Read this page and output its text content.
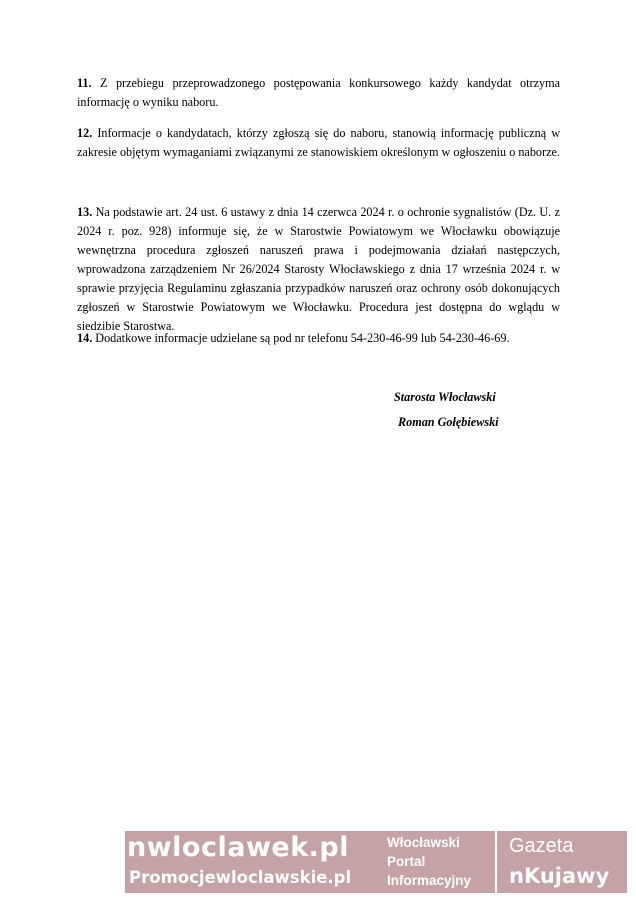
11. Z przebiegu przeprowadzonego postępowania konkursowego każdy kandydat otrzyma informację o wyniku naboru.

12. Informacje o kandydatach, którzy zgłoszą się do naboru, stanowią informację publiczną w zakresie objętym wymaganiami związanymi ze stanowiskiem określonym w ogłoszeniu o naborze.

13. Na podstawie art. 24 ust. 6 ustawy z dnia 14 czerwca 2024 r. o ochronie sygnalistów (Dz. U. z 2024 r. poz. 928) informuje się, że w Starostwie Powiatowym we Włocławku obowiązuje wewnętrzna procedura zgłoszeń naruszeń prawa i podejmowania działań następczych, wprowadzona zarządzeniem Nr 26/2024 Starosty Włocławskiego z dnia 17 września 2024 r. w sprawie przyjęcia Regulaminu zgłaszania przypadków naruszeń oraz ochrony osób dokonujących zgłoszeń w Starostwie Powiatowym we Włocławku. Procedura jest dostępna do wglądu w siedzibie Starostwa.

14. Dodatkowe informacje udzielane są pod nr telefonu 54-230-46-99 lub 54-230-46-69.

Starosta Włocławski
Roman Gołębiewski
nwloclawek.pl
Promocjewloclawskie.pl
Włocławski
Portal
Informacyjny
Gazeta
nKujawy
